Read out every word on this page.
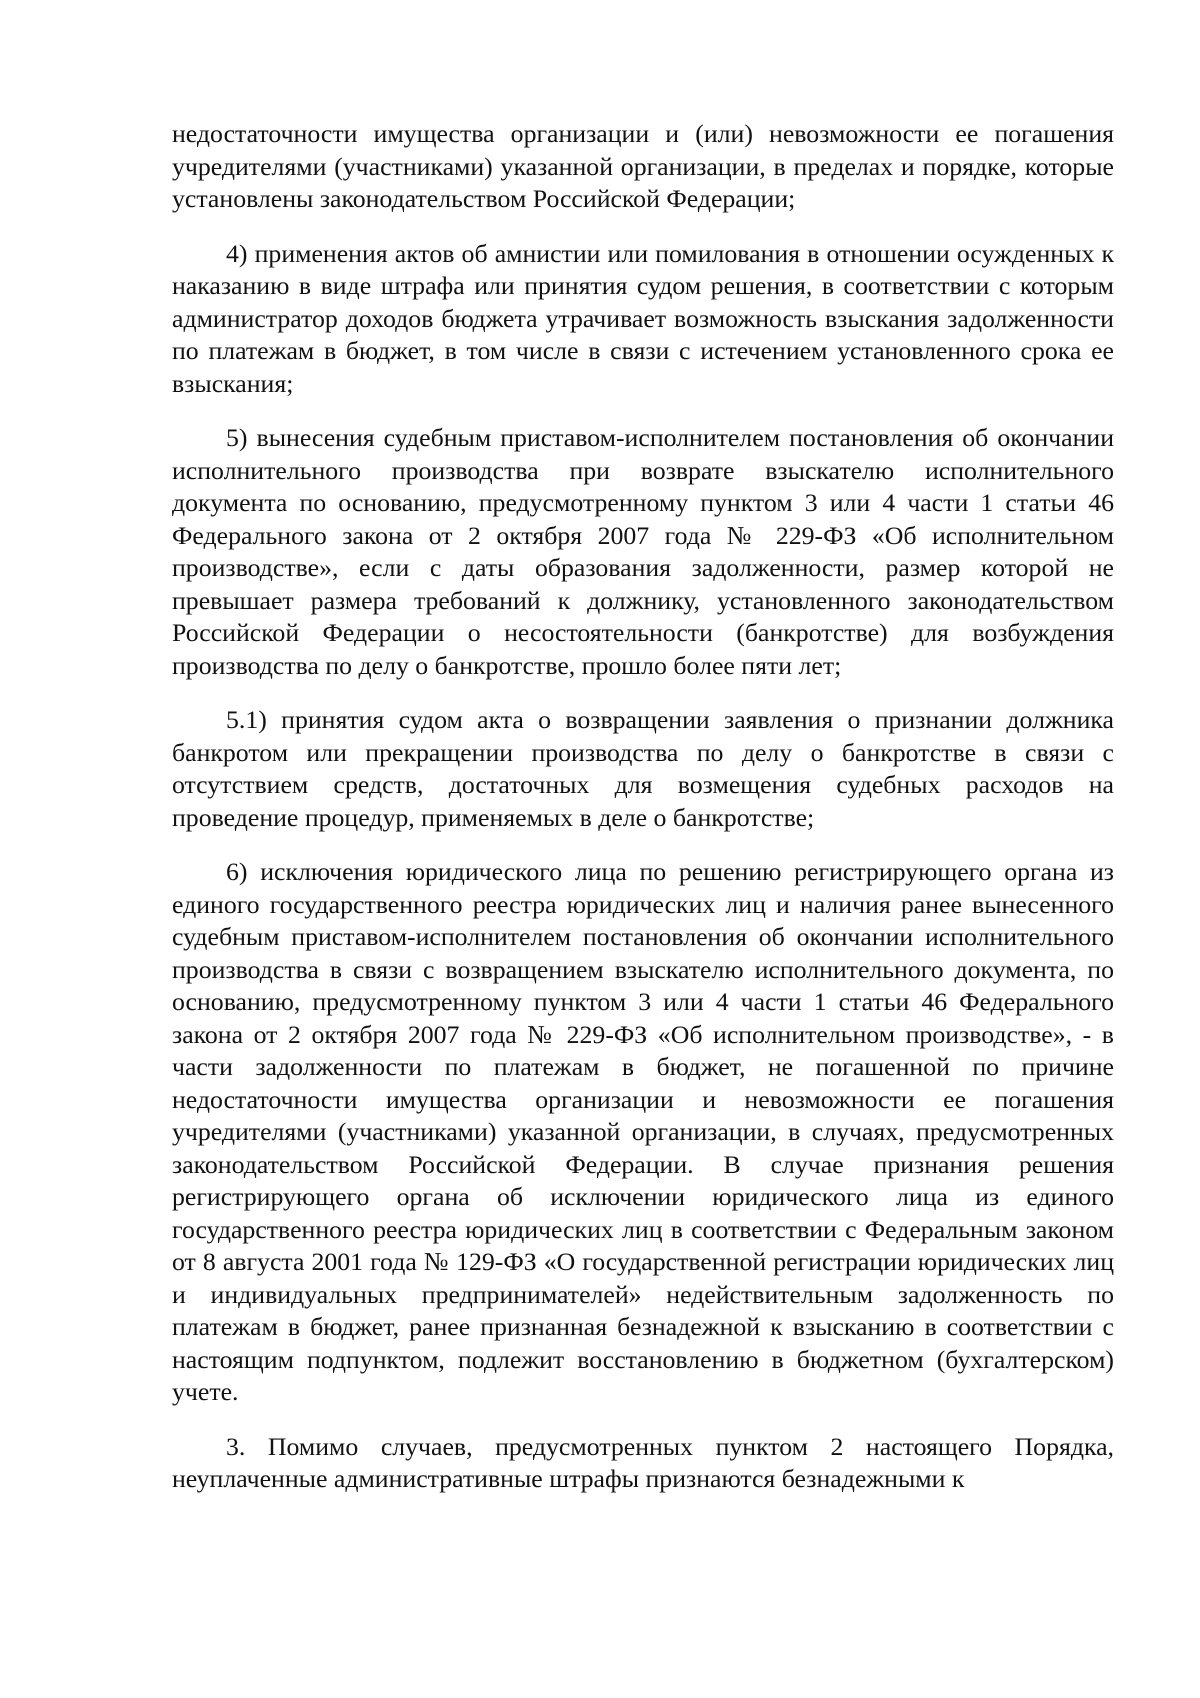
недостаточности имущества организации и (или) невозможности ее погашения учредителями (участниками) указанной организации, в пределах и порядке, которые установлены законодательством Российской Федерации;

4) применения актов об амнистии или помилования в отношении осужденных к наказанию в виде штрафа или принятия судом решения, в соответствии с которым администратор доходов бюджета утрачивает возможность взыскания задолженности по платежам в бюджет, в том числе в связи с истечением установленного срока ее взыскания;

5) вынесения судебным приставом-исполнителем постановления об окончании исполнительного производства при возврате взыскателю исполнительного документа по основанию, предусмотренному пунктом 3 или 4 части 1 статьи 46 Федерального закона от 2 октября 2007 года № 229-ФЗ «Об исполнительном производстве», если с даты образования задолженности, размер которой не превышает размера требований к должнику, установленного законодательством Российской Федерации о несостоятельности (банкротстве) для возбуждения производства по делу о банкротстве, прошло более пяти лет;

5.1) принятия судом акта о возвращении заявления о признании должника банкротом или прекращении производства по делу о банкротстве в связи с отсутствием средств, достаточных для возмещения судебных расходов на проведение процедур, применяемых в деле о банкротстве;

6) исключения юридического лица по решению регистрирующего органа из единого государственного реестра юридических лиц и наличия ранее вынесенного судебным приставом-исполнителем постановления об окончании исполнительного производства в связи с возвращением взыскателю исполнительного документа, по основанию, предусмотренному пунктом 3 или 4 части 1 статьи 46 Федерального закона от 2 октября 2007 года № 229-ФЗ «Об исполнительном производстве», - в части задолженности по платежам в бюджет, не погашенной по причине недостаточности имущества организации и невозможности ее погашения учредителями (участниками) указанной организации, в случаях, предусмотренных законодательством Российской Федерации. В случае признания решения регистрирующего органа об исключении юридического лица из единого государственного реестра юридических лиц в соответствии с Федеральным законом от 8 августа 2001 года № 129-ФЗ «О государственной регистрации юридических лиц и индивидуальных предпринимателей» недействительным задолженность по платежам в бюджет, ранее признанная безнадежной к взысканию в соответствии с настоящим подпунктом, подлежит восстановлению в бюджетном (бухгалтерском) учете.

3. Помимо случаев, предусмотренных пунктом 2 настоящего Порядка, неуплаченные административные штрафы признаются безнадежными к
